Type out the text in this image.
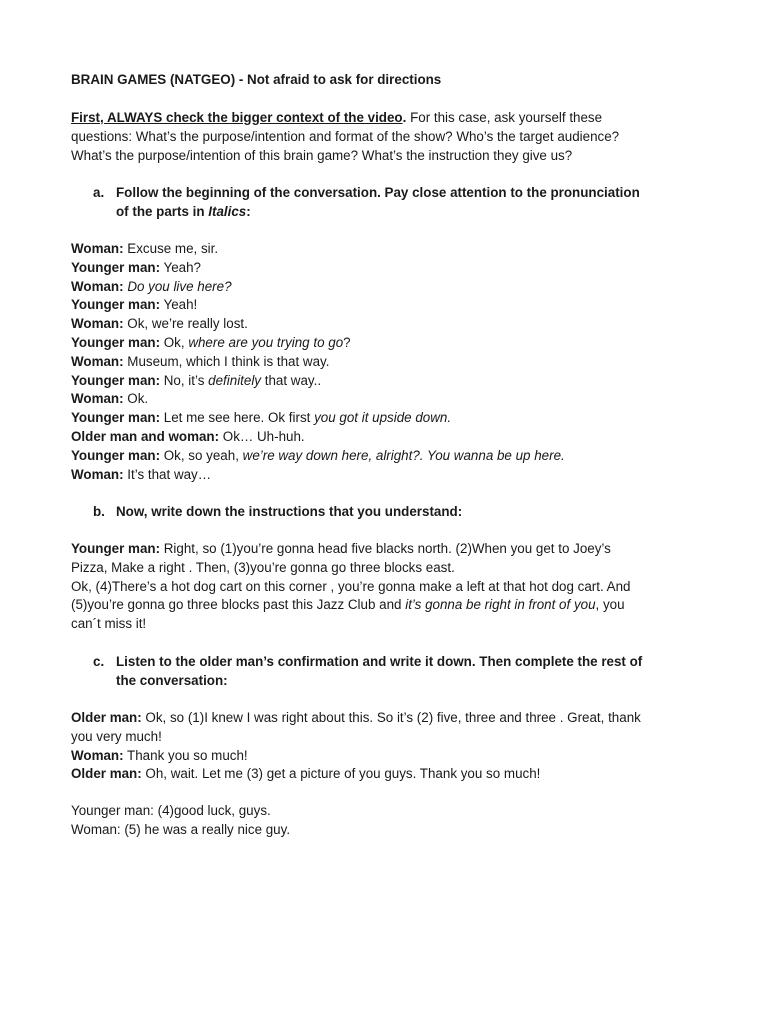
BRAIN GAMES (NATGEO) - Not afraid to ask for directions
First, ALWAYS check the bigger context of the video. For this case, ask yourself these
questions: What’s the purpose/intention and format of the show? Who’s the target audience?
What’s the purpose/intention of this brain game? What’s the instruction they give us?
a. Follow the beginning of the conversation. Pay close attention to the pronunciation
of the parts in Italics:
Woman: Excuse me, sir.
Younger man: Yeah?
Woman: Do you live here?
Younger man: Yeah!
Woman: Ok, we’re really lost.
Younger man: Ok, where are you trying to go?
Woman: Museum, which I think is that way.
Younger man: No, it’s definitely that way..
Woman: Ok.
Younger man: Let me see here. Ok first you got it upside down.
Older man and woman: Ok… Uh-huh.
Younger man: Ok, so yeah, we’re way down here, alright?. You wanna be up here.
Woman: It’s that way…
b. Now, write down the instructions that you understand:
Younger man: Right, so (1)you’re gonna head five blacks north. (2)When you get to Joey’s
Pizza, Make a right . Then, (3)you’re gonna go three blocks east.
Ok, (4)There’s a hot dog cart on this corner , you’re gonna make a left at that hot dog cart. And
(5)you’re gonna go three blocks past this Jazz Club and it’s gonna be right in front of you, you
can´t miss it!
c. Listen to the older man’s confirmation and write it down. Then complete the rest of
the conversation:
Older man: Ok, so (1)I knew I was right about this. So it’s (2) five, three and three . Great, thank
you very much!
Woman: Thank you so much!
Older man: Oh, wait. Let me (3) get a picture of you guys. Thank you so much!
Younger man: (4)good luck, guys.
Woman: (5) he was a really nice guy.
